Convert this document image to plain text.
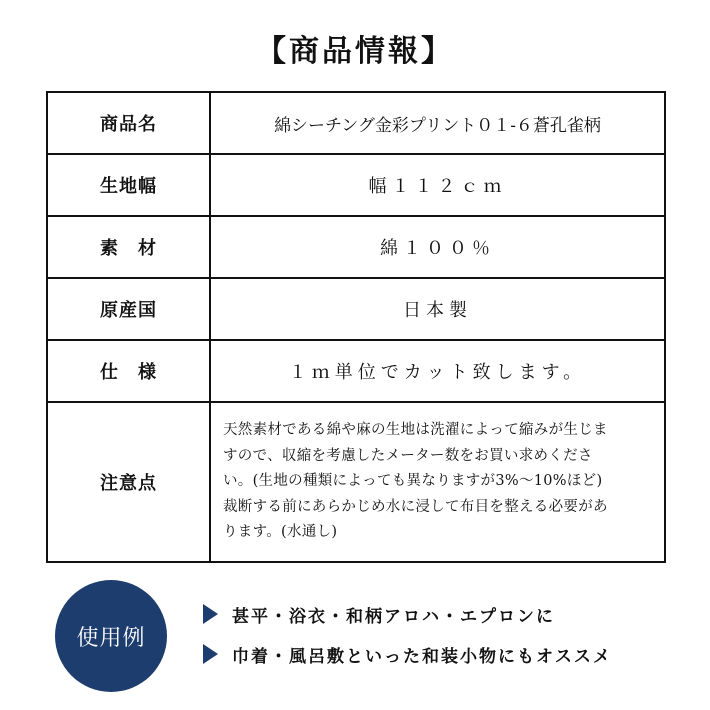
【商品情報】
商品名	綿シーチング金彩プリント０１-６蒼孔雀柄
生地幅	幅１１２ｃｍ
素　材	綿１００％
原産国	日本製
仕　様	１ｍ単位でカット致します。
注意点	天然素材である綿や麻の生地は洗濯によって縮みが生じま
すので、収縮を考慮したメーター数をお買い求めくださ
い。(生地の種類によっても異なりますが3%～10%ほど)
裁断する前にあらかじめ水に浸して布目を整える必要があ
ります。(水通し)
使用例
甚平・浴衣・和柄アロハ・エプロンに
巾着・風呂敷といった和装小物にもオススメ
